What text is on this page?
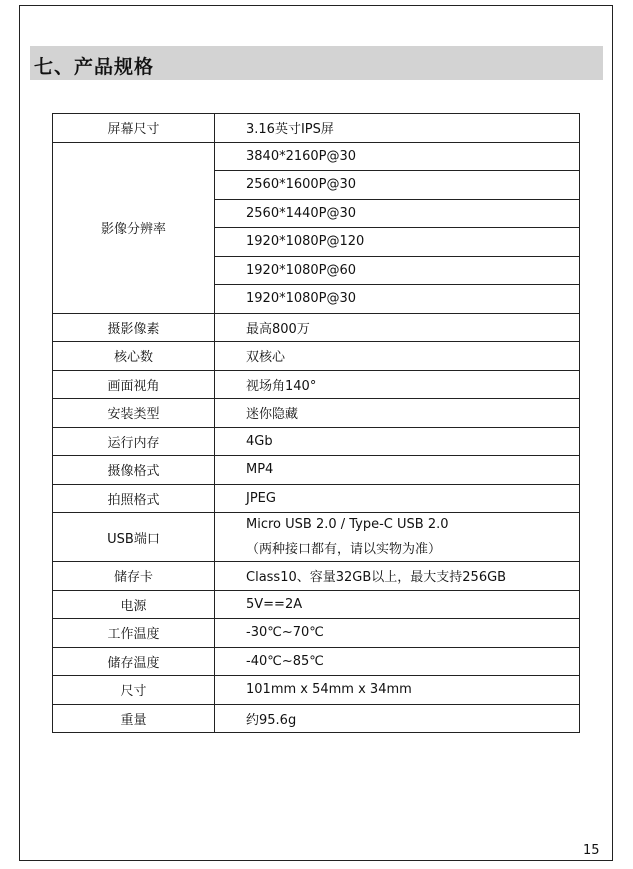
七、产品规格
屏幕尺寸	3.16英寸IPS屏
影像分辨率	3840*2160P@30
	2560*1600P@30
	2560*1440P@30
	1920*1080P@120
	1920*1080P@60
	1920*1080P@30
摄影像素	最高800万
核心数	双核心
画面视角	视场角140°
安装类型	迷你隐藏
运行内存	4Gb
摄像格式	MP4
拍照格式	JPEG
USB端口	Micro USB 2.0 / Type-C USB 2.0
（两种接口都有，请以实物为准）

储存卡	Class10、容量32GB以上，最大支持256GB
电源	5V==2A
工作温度	-30℃~70℃
储存温度	-40℃~85℃
尺寸	101mm x 54mm x 34mm
重量	约95.6g
15
